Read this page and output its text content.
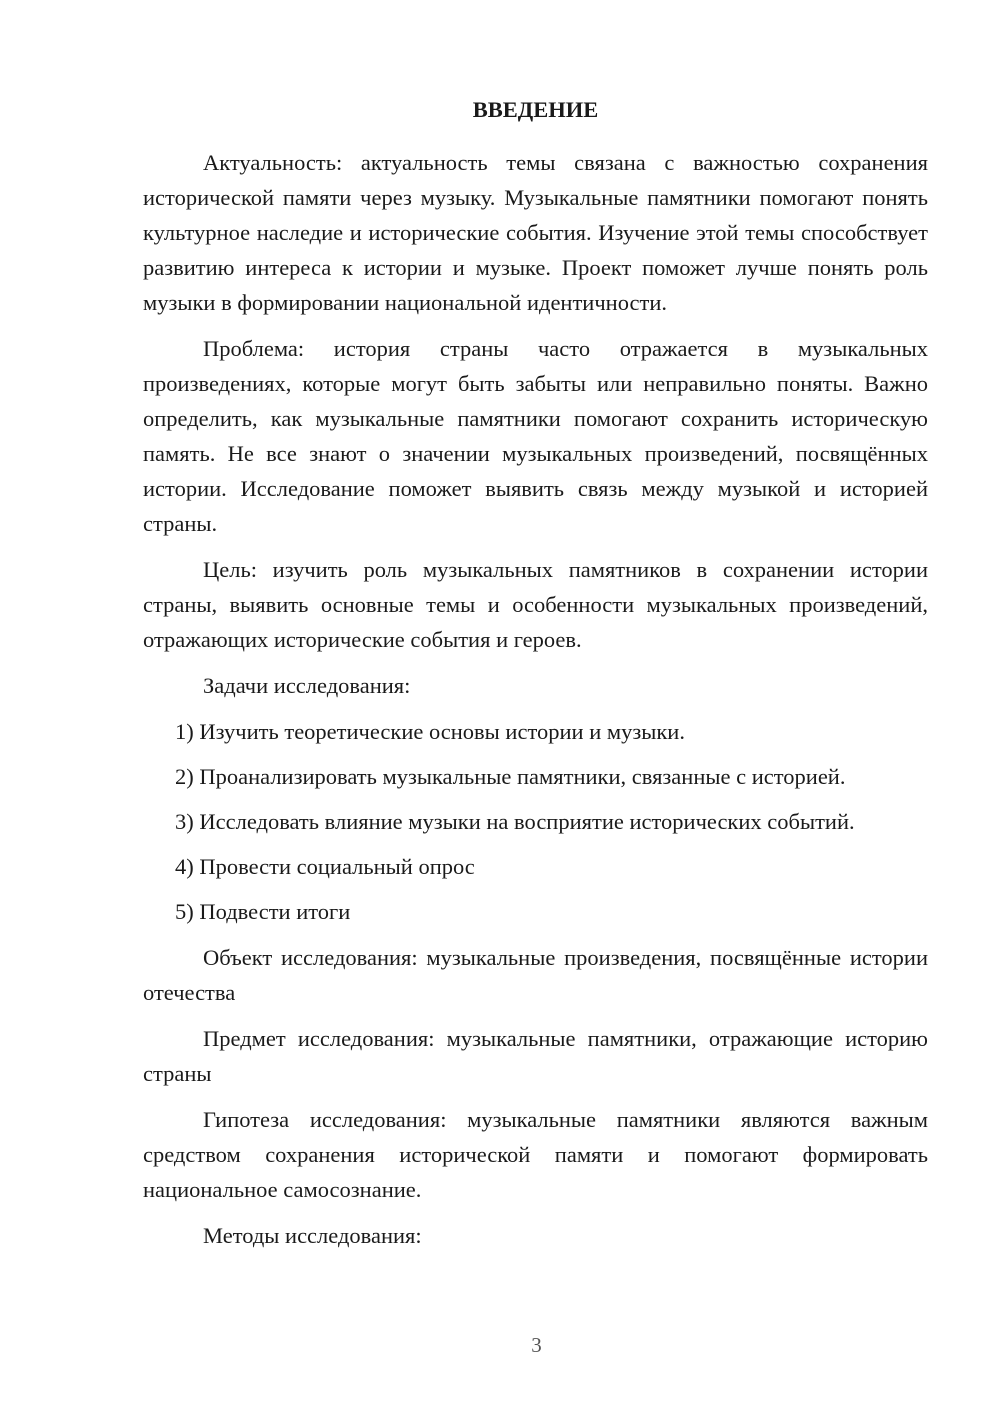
ВВЕДЕНИЕ

Актуальность: актуальность темы связана с важностью сохранения исторической памяти через музыку. Музыкальные памятники помогают понять культурное наследие и исторические события. Изучение этой темы способствует развитию интереса к истории и музыке. Проект поможет лучше понять роль музыки в формировании национальной идентичности.

Проблема: история страны часто отражается в музыкальных произведениях, которые могут быть забыты или неправильно поняты. Важно определить, как музыкальные памятники помогают сохранить историческую память. Не все знают о значении музыкальных произведений, посвящённых истории. Исследование поможет выявить связь между музыкой и историей страны.

Цель: изучить роль музыкальных памятников в сохранении истории страны, выявить основные темы и особенности музыкальных произведений, отражающих исторические события и героев.

Задачи исследования:

1) Изучить теоретические основы истории и музыки.
2) Проанализировать музыкальные памятники, связанные с историей.
3) Исследовать влияние музыки на восприятие исторических событий.
4) Провести социальный опрос
5) Подвести итоги

Объект исследования: музыкальные произведения, посвящённые истории отечества

Предмет исследования: музыкальные памятники, отражающие историю страны

Гипотеза исследования: музыкальные памятники являются важным средством сохранения исторической памяти и помогают формировать национальное самосознание.

Методы исследования:

3
